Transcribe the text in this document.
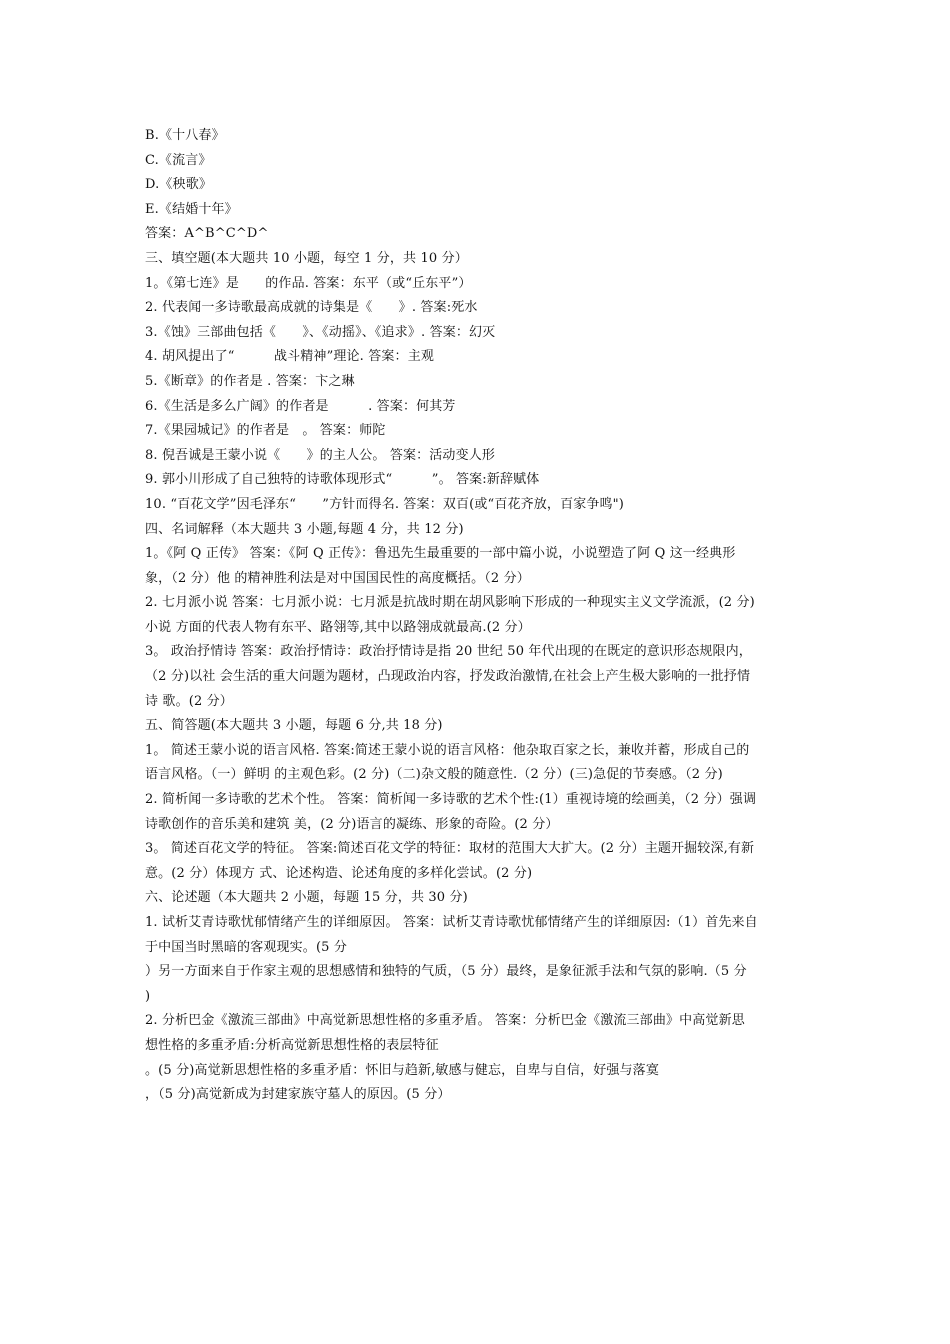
B.《十八春》
C.《流言》
D.《秧歌》
E.《结婚十年》
答案：A^B^C^D^
三、填空题(本大题共 10 小题，每空 1 分，共 10 分）
1。《第七连》是　　的作品. 答案：东平（或“丘东平”）
2. 代表闻一多诗歌最高成就的诗集是《　　》. 答案:死水
3.《蚀》三部曲包括《　　》、《动摇》、《追求》. 答案：幻灭
4. 胡风提出了“　　　战斗精神”理论. 答案：主观
5.《断章》的作者是 . 答案：卞之琳
6.《生活是多么广阔》的作者是　　　. 答案：何其芳
7.《果园城记》的作者是　。 答案：师陀
8. 倪吾诚是王蒙小说《　　》的主人公。 答案：活动变人形
9. 郭小川形成了自己独特的诗歌体现形式“　　　”。 答案:新辞赋体
10. “百花文学”因毛泽东“　　”方针而得名. 答案：双百(或“百花齐放，百家争鸣")
四、名词解释（本大题共 3 小题,每题 4 分，共 12 分)
1。《阿 Q 正传》 答案：《阿 Q 正传》：鲁迅先生最重要的一部中篇小说，小说塑造了阿 Q 这一经典形
象，（2 分）他 的精神胜利法是对中国国民性的高度概括。（2 分）
2. 七月派小说 答案：七月派小说：七月派是抗战时期在胡风影响下形成的一种现实主义文学流派，(2 分)
小说 方面的代表人物有东平、路翎等,其中以路翎成就最高.(2 分）
3。 政治抒情诗 答案：政治抒情诗：政治抒情诗是指 20 世纪 50 年代出现的在既定的意识形态规限内，
（2 分)以社 会生活的重大问题为题材，凸现政治内容，抒发政治激情,在社会上产生极大影响的一批抒情
诗 歌。(2 分）
五、简答题(本大题共 3 小题，每题 6 分,共 18 分)
1。 简述王蒙小说的语言风格. 答案:简述王蒙小说的语言风格：他杂取百家之长，兼收并蓄，形成自己的
语言风格。（一）鲜明 的主观色彩。(2 分)（二)杂文般的随意性.（2 分）(三)急促的节奏感。（2 分)
2. 简析闻一多诗歌的艺术个性。 答案：简析闻一多诗歌的艺术个性:(1）重视诗境的绘画美，（2 分）强调
诗歌创作的音乐美和建筑 美，(2 分)语言的凝练、形象的奇险。(2 分）
3。 简述百花文学的特征。 答案:简述百花文学的特征：取材的范围大大扩大。(2 分）主题开掘较深,有新
意。(2 分）体现方 式、论述构造、论述角度的多样化尝试。(2 分)
六、论述题（本大题共 2 小题，每题 15 分，共 30 分)
1. 试析艾青诗歌忧郁情绪产生的详细原因。 答案：试析艾青诗歌忧郁情绪产生的详细原因:（1）首先来自
于中国当时黑暗的客观现实。(5 分
）另一方面来自于作家主观的思想感情和独特的气质，（5 分）最终，是象征派手法和气氛的影响.（5 分
)
2. 分析巴金《激流三部曲》中高觉新思想性格的多重矛盾。 答案：分析巴金《激流三部曲》中高觉新思
想性格的多重矛盾:分析高觉新思想性格的表层特征
。(5 分)高觉新思想性格的多重矛盾：怀旧与趋新,敏感与健忘，自卑与自信，好强与落寞
，（5 分)高觉新成为封建家族守墓人的原因。(5 分）
